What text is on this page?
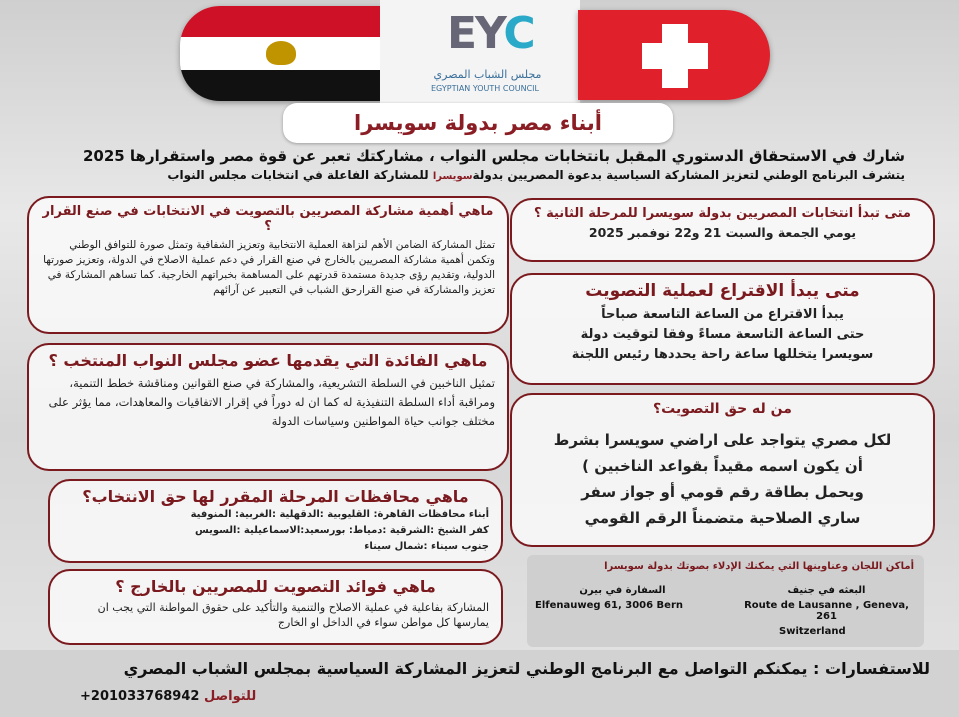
EYC
مجلس الشباب المصري
EGYPTIAN YOUTH COUNCIL
أبناء مصر بدولة سويسرا
شارك في الاستحقاق الدستوري المقبل بانتخابات مجلس النواب ، مشاركتك تعبر عن قوة مصر واستقرارها 2025
يتشرف البرنامج الوطني لتعزيز المشاركة السياسية بدعوة المصريين بدولةسويسرا للمشاركة الفاعلة في انتخابات مجلس النواب
ماهي أهمية مشاركة المصريين بالتصويت في الانتخابات في صنع القرار ؟

تمثل المشاركة الضامن الأهم لنزاهة العملية الانتخابية وتعزيز الشفافية وتمثل صورة للتوافق الوطني وتكمن أهمية مشاركة المصريين بالخارج في صنع القرار في دعم عملية الاصلاح في الدولة، وتعزيز صورتها الدولية، وتقديم رؤى جديدة مستمدة قدرتهم على المساهمة بخبراتهم الخارجية. كما تساهم المشاركة في تعزيز والمشاركة في صنع القرارحق الشباب في التعبير عن آرائهم

ماهي الفائدة التي يقدمها عضو مجلس النواب المنتخب ؟

تمثيل الناخبين في السلطة التشريعية، والمشاركة في صنع القوانين ومناقشة خطط التنمية، ومراقبة أداء السلطة التنفيذية له كما ان له دوراً في إقرار الاتفاقيات والمعاهدات، مما يؤثر على مختلف جوانب حياة المواطنين وسياسات الدولة

ماهي محافظات المرحلة المقرر لها حق الانتخاب؟

أبناء محافظات القاهرة: القليوبية :الدقهلية :الغربية: المنوفية

كفر الشيخ :الشرقية :دمياط: بورسعيد:الاسماعيلية :السويس

جنوب سيناء :شمال سيناء

ماهي فوائد التصويت للمصريين بالخارج ؟

المشاركة بفاعلية في عملية الاصلاح والتنمية والتأكيد على حقوق المواطنة التي يجب ان يمارسها كل مواطن سواء في الداخل او الخارج

متى تبدأ انتخابات المصريين بدولة سويسرا للمرحلة الثانية ؟

يومي الجمعة والسبت 21 و22 نوفمبر 2025

متى يبدأ الاقتراع لعملية التصويت

يبدأ الاقتراع من الساعة التاسعة صباحاً

حتى الساعة التاسعة مساءً وفقا لتوقيت دولة

سويسرا يتخللها ساعة راحة يحددها رئيس اللجنة

من له حق التصويت؟

لكل مصري يتواجد على اراضي سويسرا بشرط

أن يكون اسمه مقيداً بقواعد الناخبين )

ويحمل بطاقة رقم قومي أو جواز سفر

ساري الصلاحية متضمناً الرقم القومي

أماكن اللجان وعناوينها التي يمكنك الإدلاء بصوتك بدولة سويسرا
البعثه في جنيف
Route de Lausanne , Geneva, 261
Switzerland
السفارة في بيرن
Elfenauweg 61, 3006 Bern
للاستفسارات : يمكنكم التواصل مع البرنامج الوطني لتعزيز المشاركة السياسية بمجلس الشباب المصري
للتواصل +201033768942
